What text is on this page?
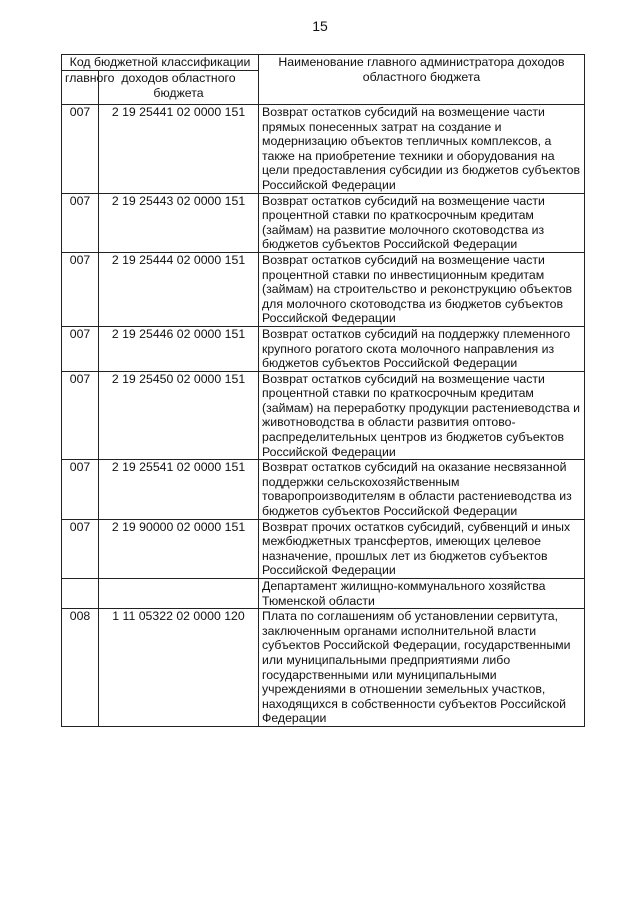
15
Код бюджетной классификации		Наименование главного администратора доходов областного бюджета
главного	доходов областного бюджета	
007	2 19 25441 02 0000 151	Возврат остатков субсидий на возмещение части прямых понесенных затрат на создание и модернизацию объектов тепличных комплексов, а также на приобретение техники и оборудования на цели предоставления субсидии из бюджетов субъектов Российской Федерации
007	2 19 25443 02 0000 151	Возврат остатков субсидий на возмещение части процентной ставки по краткосрочным кредитам (займам) на развитие молочного скотоводства из бюджетов субъектов Российской Федерации
007	2 19 25444 02 0000 151	Возврат остатков субсидий на возмещение части процентной ставки по инвестиционным кредитам (займам) на строительство и реконструкцию объектов для молочного скотоводства из бюджетов субъектов Российской Федерации
007	2 19 25446 02 0000 151	Возврат остатков субсидий на поддержку племенного крупного рогатого скота молочного направления из бюджетов субъектов Российской Федерации
007	2 19 25450 02 0000 151	Возврат остатков субсидий на возмещение части процентной ставки по краткосрочным кредитам (займам) на переработку продукции растениеводства и животноводства в области развития оптово-распределительных центров из бюджетов субъектов Российской Федерации
007	2 19 25541 02 0000 151	Возврат остатков субсидий на оказание несвязанной поддержки сельскохозяйственным товаропроизводителям в области растениеводства из бюджетов субъектов Российской Федерации
007	2 19 90000 02 0000 151	Возврат прочих остатков субсидий, субвенций и иных межбюджетных трансфертов, имеющих целевое назначение, прошлых лет из бюджетов субъектов Российской Федерации
		Департамент жилищно-коммунального хозяйства Тюменской области
008	1 11 05322 02 0000 120	Плата по соглашениям об установлении сервитута, заключенным органами исполнительной власти субъектов Российской Федерации, государственными или муниципальными предприятиями либо государственными или муниципальными учреждениями в отношении земельных участков, находящихся в собственности субъектов Российской Федерации
